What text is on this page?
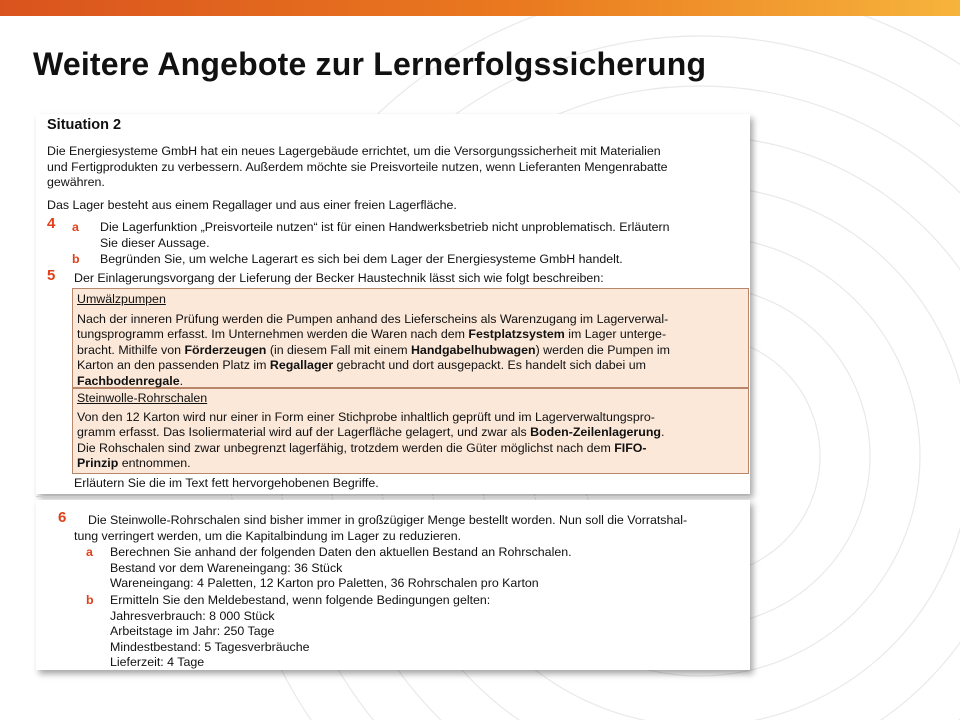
Weitere Angebote zur Lernerfolgssicherung
Situation 2
Die Energiesysteme GmbH hat ein neues Lagergebäude errichtet, um die Versorgungssicherheit mit Materialien
und Fertigprodukten zu verbessern. Außerdem möchte sie Preisvorteile nutzen, wenn Lieferanten Mengenrabatte
gewähren.
Das Lager besteht aus einem Regallager und aus einer freien Lagerfläche.
4 a Die Lagerfunktion „Preisvorteile nutzen“ ist für einen Handwerksbetrieb nicht unproblematisch. Erläutern
Sie dieser Aussage.
b Begründen Sie, um welche Lagerart es sich bei dem Lager der Energiesysteme GmbH handelt.
5 Der Einlagerungsvorgang der Lieferung der Becker Haustechnik lässt sich wie folgt beschreiben:
Umwälzpumpen
Nach der inneren Prüfung werden die Pumpen anhand des Lieferscheins als Warenzugang im Lagerverwal-
tungsprogramm erfasst. Im Unternehmen werden die Waren nach dem Festplatzsystem im Lager unterge-
bracht. Mithilfe von Förderzeugen (in diesem Fall mit einem Handgabelhubwagen) werden die Pumpen im
Karton an den passenden Platz im Regallager gebracht und dort ausgepackt. Es handelt sich dabei um
Fachbodenregale.
Steinwolle-Rohrschalen
Von den 12 Karton wird nur einer in Form einer Stichprobe inhaltlich geprüft und im Lagerverwaltungspro-
gramm erfasst. Das Isoliermaterial wird auf der Lagerfläche gelagert, und zwar als Boden-Zeilenlagerung.
Die Rohschalen sind zwar unbegrenzt lagerfähig, trotzdem werden die Güter möglichst nach dem FIFO-
Prinzip entnommen.
Erläutern Sie die im Text fett hervorgehobenen Begriffe.
6 Die Steinwolle-Rohrschalen sind bisher immer in großzügiger Menge bestellt worden. Nun soll die Vorratshal-
tung verringert werden, um die Kapitalbindung im Lager zu reduzieren.
a Berechnen Sie anhand der folgenden Daten den aktuellen Bestand an Rohrschalen.
Bestand vor dem Wareneingang: 36 Stück
Wareneingang: 4 Paletten, 12 Karton pro Paletten, 36 Rohrschalen pro Karton
b Ermitteln Sie den Meldebestand, wenn folgende Bedingungen gelten:
Jahresverbrauch: 8 000 Stück
Arbeitstage im Jahr: 250 Tage
Mindestbestand: 5 Tagesverbräuche
Lieferzeit: 4 Tage
